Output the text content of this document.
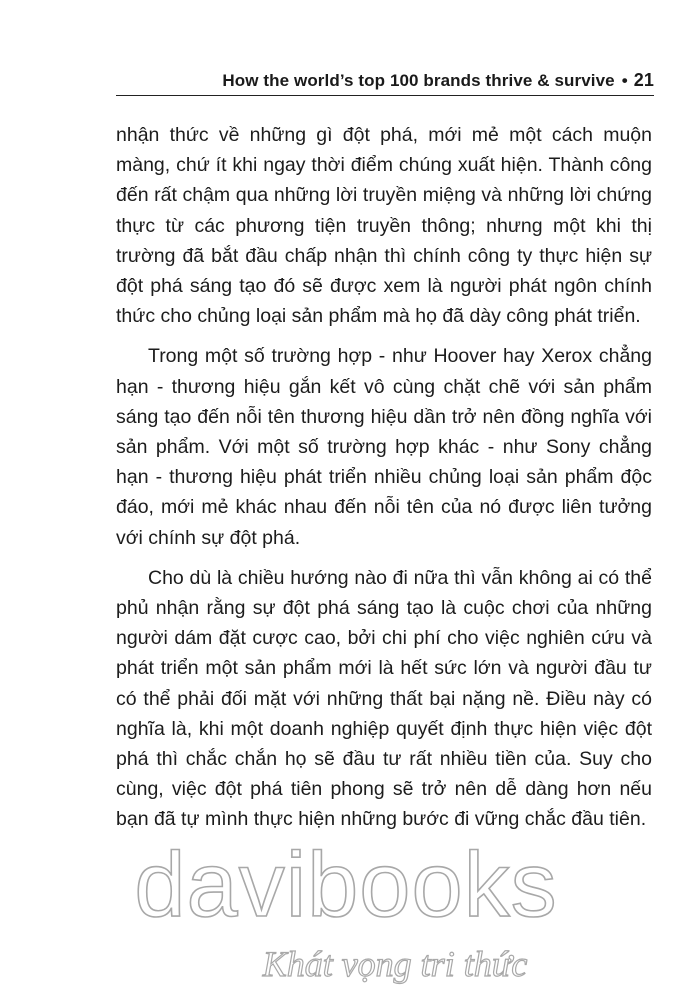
How the world’s top 100 brands thrive & survive • 21

nhận thức về những gì đột phá, mới mẻ một cách muộn màng, chứ ít khi ngay thời điểm chúng xuất hiện. Thành công đến rất chậm qua những lời truyền miệng và những lời chứng thực từ các phương tiện truyền thông; nhưng một khi thị trường đã bắt đầu chấp nhận thì chính công ty thực hiện sự đột phá sáng tạo đó sẽ được xem là người phát ngôn chính thức cho chủng loại sản phẩm mà họ đã dày công phát triển.

Trong một số trường hợp - như Hoover hay Xerox chẳng hạn - thương hiệu gắn kết vô cùng chặt chẽ với sản phẩm sáng tạo đến nỗi tên thương hiệu dần trở nên đồng nghĩa với sản phẩm. Với một số trường hợp khác - như Sony chẳng hạn - thương hiệu phát triển nhiều chủng loại sản phẩm độc đáo, mới mẻ khác nhau đến nỗi tên của nó được liên tưởng với chính sự đột phá.

Cho dù là chiều hướng nào đi nữa thì vẫn không ai có thể phủ nhận rằng sự đột phá sáng tạo là cuộc chơi của những người dám đặt cược cao, bởi chi phí cho việc nghiên cứu và phát triển một sản phẩm mới là hết sức lớn và người đầu tư có thể phải đối mặt với những thất bại nặng nề. Điều này có nghĩa là, khi một doanh nghiệp quyết định thực hiện việc đột phá thì chắc chắn họ sẽ đầu tư rất nhiều tiền của. Suy cho cùng, việc đột phá tiên phong sẽ trở nên dễ dàng hơn nếu bạn đã tự mình thực hiện những bước đi vững chắc đầu tiên.

davibooks
Khát vọng tri thức
